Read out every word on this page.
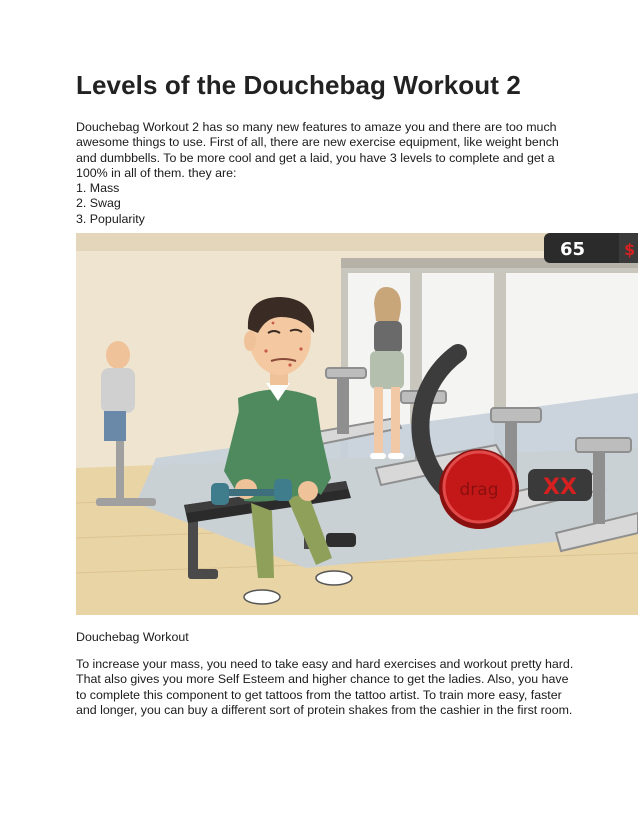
Levels of the Douchebag Workout 2

Douchebag Workout 2 has so many new features to amaze you and there are too much awesome things to use. First of all, there are new exercise equipment, like weight bench and dumbbells. To be more cool and get a laid, you have 3 levels to complete and get a 100% in all of them. they are:

1. Mass
2. Swag
3. Popularity
drag XX
65 $
Douchebag Workout

To increase your mass, you need to take easy and hard exercises and workout pretty hard. That also gives you more Self Esteem and higher chance to get the ladies. Also, you have to complete this component to get tattoos from the tattoo artist. To train more easy, faster and longer, you can buy a different sort of protein shakes from the cashier in the first room.
